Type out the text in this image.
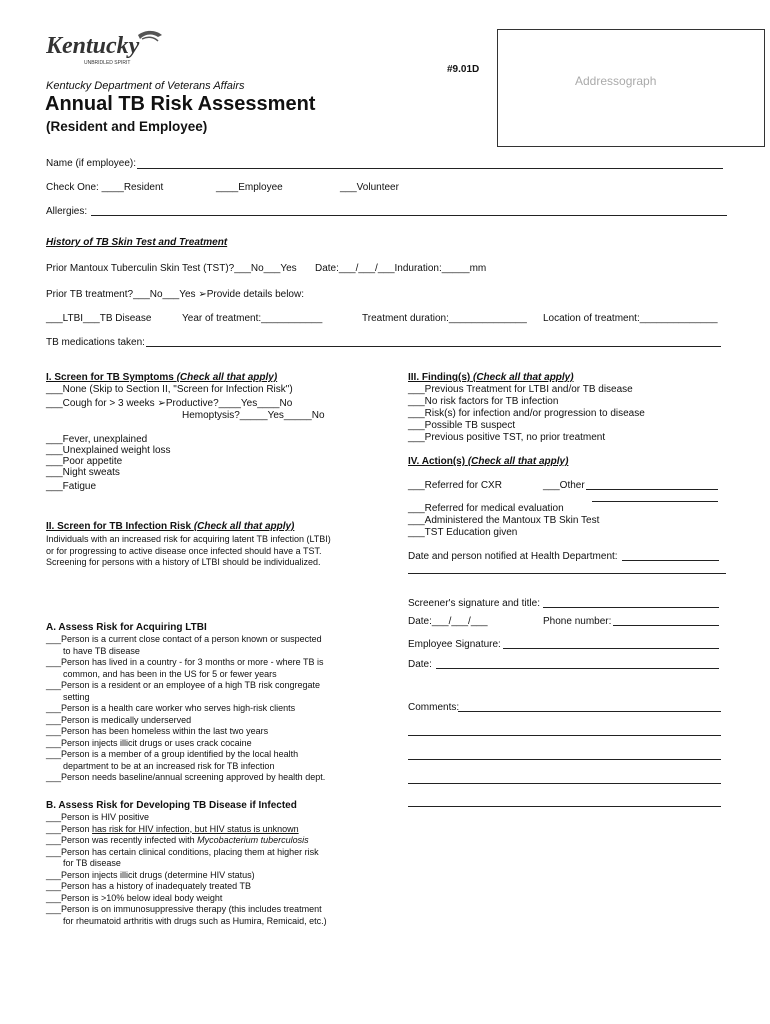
Kentucky
UNBRIDLED SPIRIT
#9.01D
Addressograph
Kentucky Department of Veterans Affairs
Annual TB Risk Assessment
(Resident and Employee)
Name (if employee):
Check One: ____Resident	____Employee	___Volunteer
Allergies:
History of TB Skin Test and Treatment
Prior Mantoux Tuberculin Skin Test (TST)?___No___Yes Date:___/___/___Induration:_____mm
Prior TB treatment?___No___Yes ➢Provide details below:
___LTBI___TB Disease	Year of treatment:___________	Treatment duration:______________ Location of treatment:______________
TB medications taken:
I. Screen for TB Symptoms (Check all that apply)
___None (Skip to Section II, "Screen for Infection Risk")
___Cough for > 3 weeks ➢Productive?____Yes____No
Hemoptysis?_____Yes_____No
___Fever, unexplained
___Unexplained weight loss
___Poor appetite
___Night sweats
___Fatigue
II. Screen for TB Infection Risk (Check all that apply)
Individuals with an increased risk for acquiring latent TB infection (LTBI)
or for progressing to active disease once infected should have a TST.
Screening for persons with a history of LTBI should be individualized.
A. Assess Risk for Acquiring LTBI
___Person is a current close contact of a person known or suspected
to have TB disease
___Person has lived in a country - for 3 months or more - where TB is
common, and has been in the US for 5 or fewer years
___Person is a resident or an employee of a high TB risk congregate
setting
___Person is a health care worker who serves high-risk clients
___Person is medically underserved
___Person has been homeless within the last two years
___Person injects illicit drugs or uses crack cocaine
___Person is a member of a group identified by the local health
department to be at an increased risk for TB infection
___Person needs baseline/annual screening approved by health dept.
B. Assess Risk for Developing TB Disease if Infected
___Person is HIV positive
___Person has risk for HIV infection, but HIV status is unknown
___Person was recently infected with Mycobacterium tuberculosis
___Person has certain clinical conditions, placing them at higher risk
for TB disease
___Person injects illicit drugs (determine HIV status)
___Person has a history of inadequately treated TB
___Person is >10% below ideal body weight
___Person is on immunosuppressive therapy (this includes treatment
for rheumatoid arthritis with drugs such as Humira, Remicaid, etc.)
III. Finding(s) (Check all that apply)
___Previous Treatment for LTBI and/or TB disease
___No risk factors for TB infection
___Risk(s) for infection and/or progression to disease
___Possible TB suspect
___Previous positive TST, no prior treatment
IV. Action(s) (Check all that apply)
___Referred for CXR	___Other
___Referred for medical evaluation
___Administered the Mantoux TB Skin Test
___TST Education given
Date and person notified at Health Department:
Screener's signature and title:
Date:___/___/___	Phone number:
Employee Signature:
Date:
Comments:
